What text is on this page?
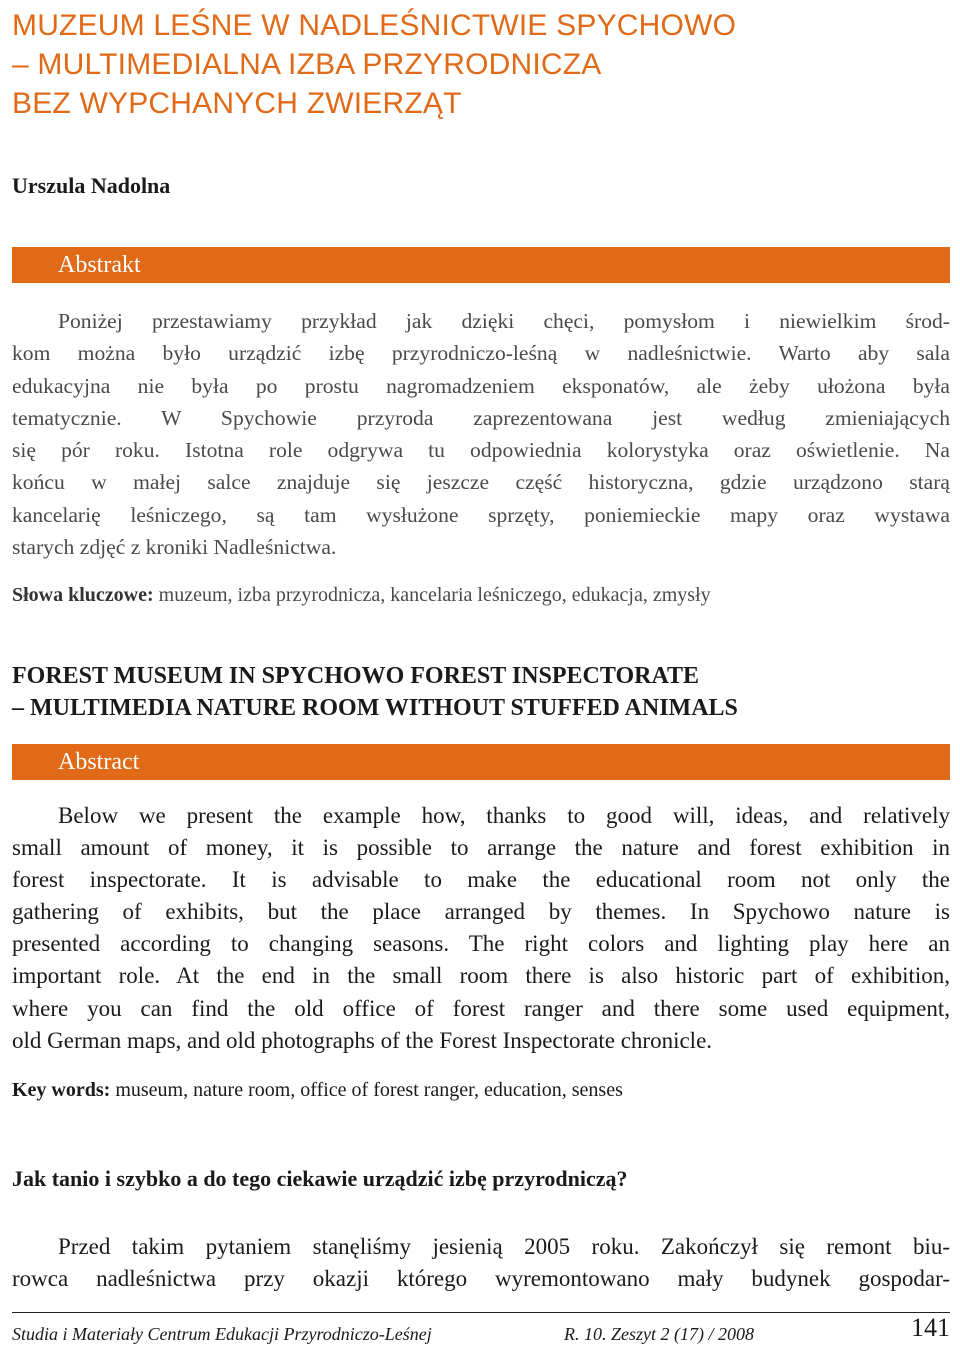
MUZEUM LEŚNE W NADLEŚNICTWIE SPYCHOWO
– MULTIMEDIALNA IZBA PRZYRODNICZA
BEZ WYPCHANYCH ZWIERZĄT

Urszula Nadolna

Abstrakt

Poniżej przestawiamy przykład jak dzięki chęci, pomysłom i niewielkim środ-
kom można było urządzić izbę przyrodniczo-leśną w nadleśnictwie. Warto aby sala
edukacyjna nie była po prostu nagromadzeniem eksponatów, ale żeby ułożona była
tematycznie. W Spychowie przyroda zaprezentowana jest według zmieniających
się pór roku. Istotna role odgrywa tu odpowiednia kolorystyka oraz oświetlenie. Na
końcu w małej salce znajduje się jeszcze część historyczna, gdzie urządzono starą
kancelarię leśniczego, są tam wysłużone sprzęty, poniemieckie mapy oraz wystawa
starych zdjęć z kroniki Nadleśnictwa.

Słowa kluczowe: muzeum, izba przyrodnicza, kancelaria leśniczego, edukacja, zmysły

FOREST MUSEUM IN SPYCHOWO FOREST INSPECTORATE
– MULTIMEDIA NATURE ROOM WITHOUT STUFFED ANIMALS
Abstract

Below we present the example how, thanks to good will, ideas, and relatively
small amount of money, it is possible to arrange the nature and forest exhibition in
forest inspectorate. It is advisable to make the educational room not only the
gathering of exhibits, but the place arranged by themes. In Spychowo nature is
presented according to changing seasons. The right colors and lighting play here an
important role. At the end in the small room there is also historic part of exhibition,
where you can find the old office of forest ranger and there some used equipment,
old German maps, and old photographs of the Forest Inspectorate chronicle.

Key words: museum, nature room, office of forest ranger, education, senses

Jak tanio i szybko a do tego ciekawie urządzić izbę przyrodniczą?

Przed takim pytaniem stanęliśmy jesienią 2005 roku. Zakończył się remont biu-
rowca nadleśnictwa przy okazji którego wyremontowano mały budynek gospodar-

Studia i Materiały Centrum Edukacji Przyrodniczo-Leśnej	R. 10. Zeszyt 2 (17) / 2008	141
